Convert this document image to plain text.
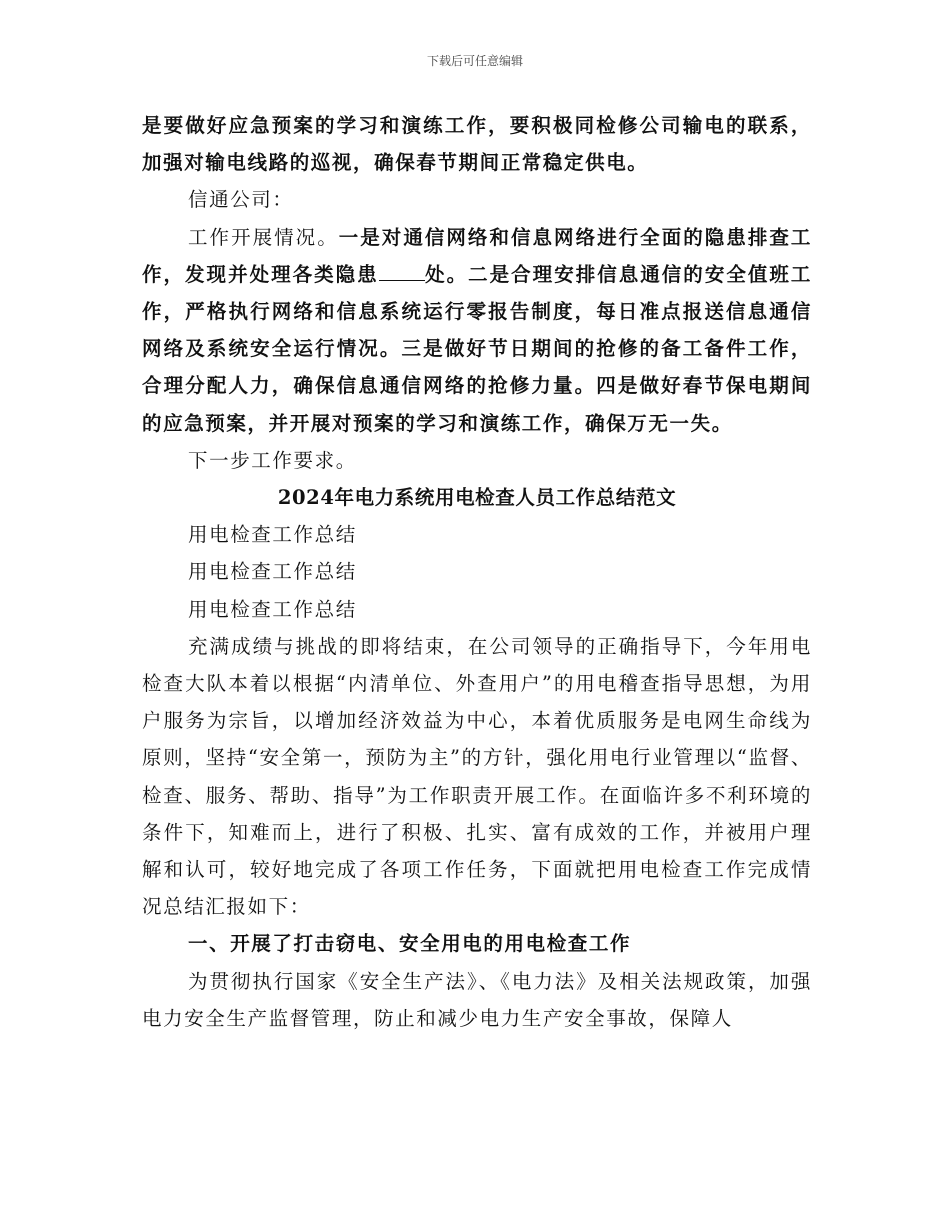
下载后可任意编辑

是要做好应急预案的学习和演练工作，要积极同检修公司输电的联系，加强对输电线路的巡视，确保春节期间正常稳定供电。

信通公司：

工作开展情况。一是对通信网络和信息网络进行全面的隐患排查工作，发现并处理各类隐患 处。二是合理安排信息通信的安全值班工作，严格执行网络和信息系统运行零报告制度，每日准点报送信息通信网络及系统安全运行情况。三是做好节日期间的抢修的备工备件工作，合理分配人力，确保信息通信网络的抢修力量。四是做好春节保电期间的应急预案，并开展对预案的学习和演练工作，确保万无一失。

下一步工作要求。

2024年电力系统用电检查人员工作总结范文

用电检查工作总结

用电检查工作总结

用电检查工作总结

充满成绩与挑战的即将结束，在公司领导的正确指导下，今年用电检查大队本着以根据“内清单位、外查用户”的用电稽查指导思想，为用户服务为宗旨，以增加经济效益为中心，本着优质服务是电网生命线为原则，坚持“安全第一，预防为主”的方针，强化用电行业管理以“监督、检查、服务、帮助、指导”为工作职责开展工作。在面临许多不利环境的条件下，知难而上，进行了积极、扎实、富有成效的工作，并被用户理解和认可，较好地完成了各项工作任务，下面就把用电检查工作完成情况总结汇报如下：

一、开展了打击窃电、安全用电的用电检查工作

为贯彻执行国家《安全生产法》、《电力法》及相关法规政策，加强电力安全生产监督管理，防止和减少电力生产安全事故，保障人
